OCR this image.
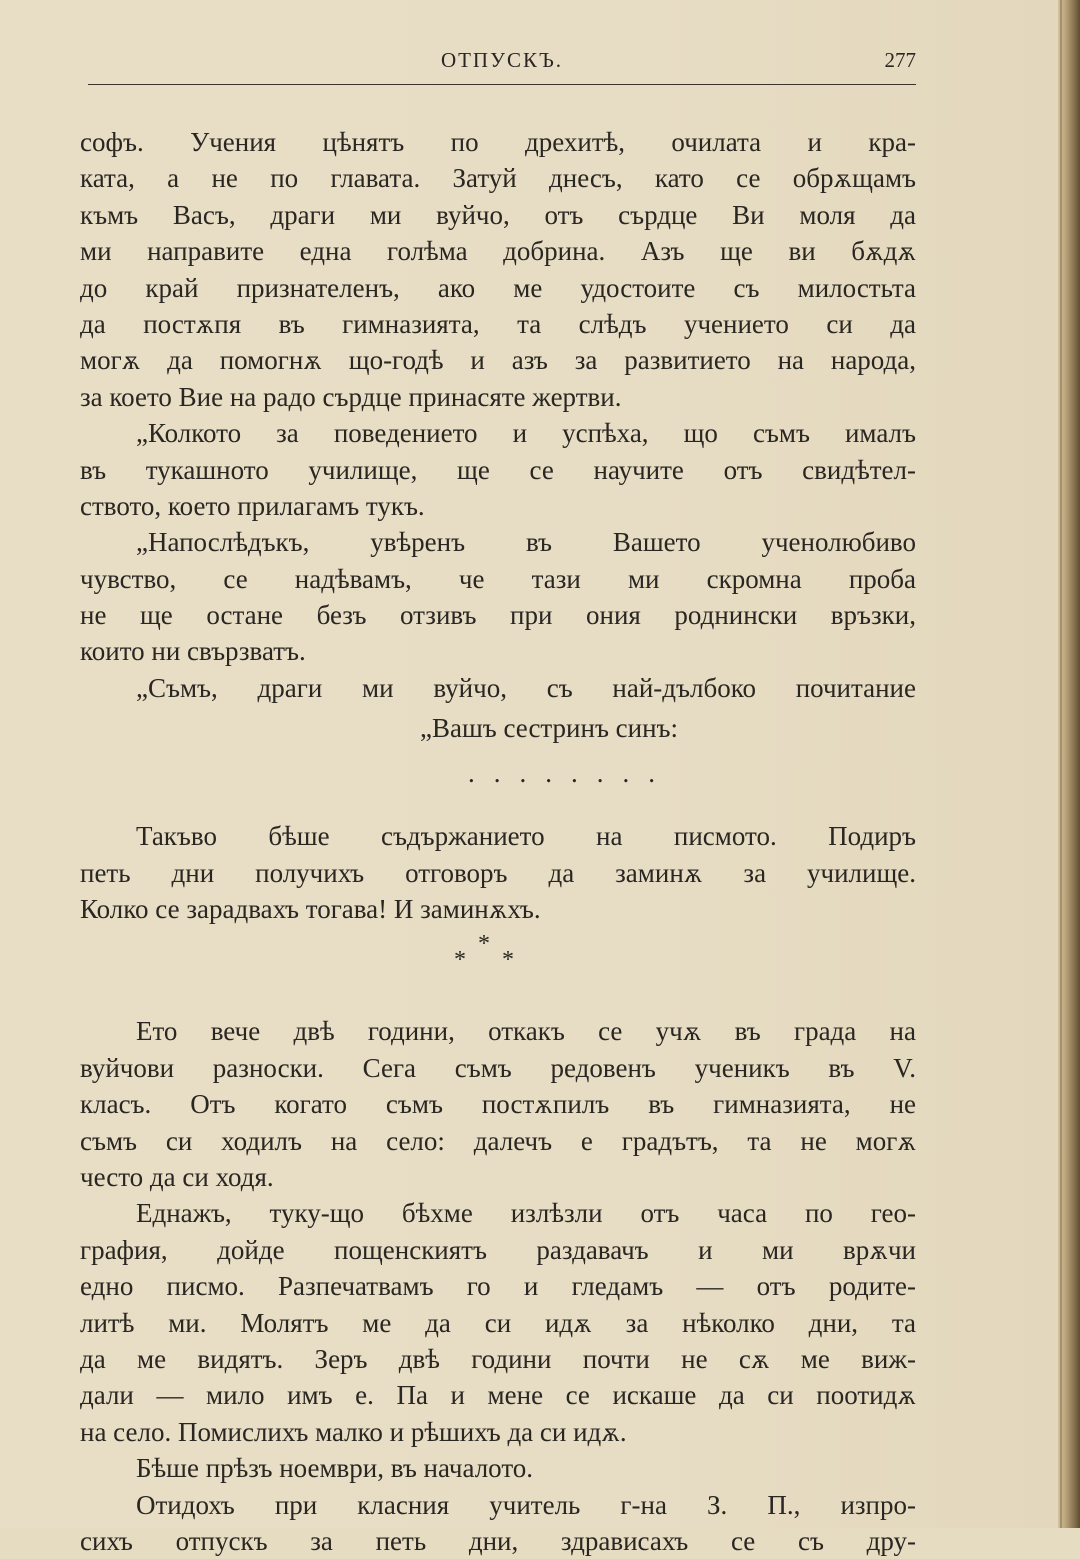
ОТПУСКЪ.	277
софъ. Учения цѣнятъ по дрехитѣ, очилата и кра-
ката, а не по главата. Затуй днесъ, като се обрѫщамъ
къмъ Васъ, драги ми вуйчо, отъ сърдце Ви моля да
ми направите една голѣма добрина. Азъ ще ви бѫдѫ
до край признателенъ, ако ме удостоите съ милостьта
да постѫпя въ гимназията, та слѣдъ учението си да
могѫ да помогнѫ що-годѣ и азъ за развитието на народа,
за което Вие на радо сърдце принасяте жертви.
„Колкото за поведението и успѣха, що съмъ ималъ
въ тукашното училище, ще се научите отъ свидѣтел-
ството, което прилагамъ тукъ.
„Напослѣдъкъ, увѣренъ въ Вашето ученолюбиво
чувство, се надѣвамъ, че тази ми скромна проба
не ще остане безъ отзивъ при ония роднински връзки,
които ни свързватъ.
„Съмъ, драги ми вуйчо, съ най-дълбоко почитание
„Вашъ сестринъ синъ:
........
Такъво бѣше съдържанието на писмото. Подиръ
петь дни получихъ отговоръ да заминѫ за училище.
Колко се зарадвахъ тогава! И заминѫхъ.
*
* *
Ето вече двѣ години, откакъ се учѫ въ града на
вуйчови разноски. Сега съмъ редовенъ ученикъ въ V.
класъ. Отъ когато съмъ постѫпилъ въ гимназията, не
съмъ си ходилъ на село: далечъ е градътъ, та не могѫ
често да си ходя.
Еднажъ, туку-що бѣхме излѣзли отъ часа по гео-
графия, дойде пощенскиятъ раздавачъ и ми врѫчи
едно писмо. Разпечатвамъ го и гледамъ — отъ родите-
литѣ ми. Молятъ ме да си идѫ за нѣколко дни, та
да ме видятъ. Зеръ двѣ години почти не сѫ ме виж-
дали — мило имъ е. Па и мене се искаше да си поотидѫ
на село. Помислихъ малко и рѣшихъ да си идѫ.
Бѣше прѣзъ ноември, въ началото.
Отидохъ при класния учитель г-на З. П., изпро-
сихъ отпускъ за петь дни, здрависахъ се съ дру-
